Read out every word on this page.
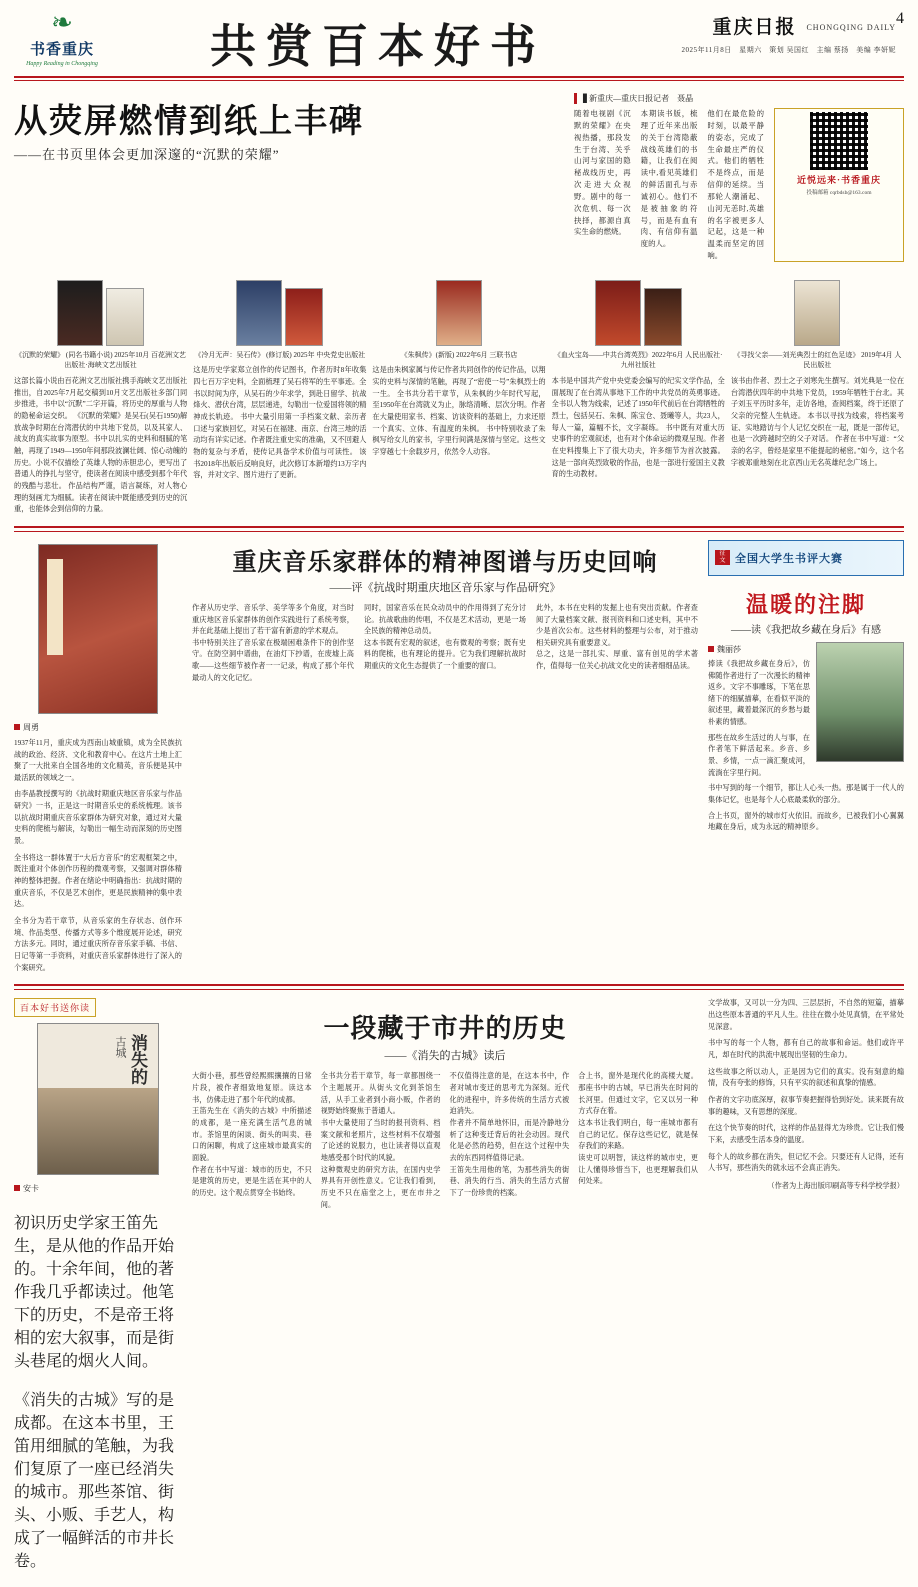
❧
书香重庆
Happy Reading in Chongqing	共赏百本好书	重庆日报 CHONGQING DAILY
2025年11月8日　星期六　策划 吴国红　主编 蔡扬　美编 李妍妮
4
从荧屏燃情到纸上丰碑
——在书页里体会更加深邃的“沉默的荣耀”
▋新重庆—重庆日报记者　聂晶
随着电视剧《沉默的荣耀》在央视热播，那段发生于台湾、关乎山河与家国的隐秘战线历史，再次走进大众视野。剧中的每一次危机、每一次抉择，都源自真实生命的燃烧。
本期读书版，梳理了近年来出版的关于台湾隐蔽战线英雄们的书籍，让我们在阅读中,看见英雄们的鲜活面孔与赤诚初心。他们不是被抽象的符号，而是有血有肉、有信仰有温度的人。
他们在最危险的时刻，以最平静的姿态，完成了生命最庄严的仪式。他们的牺牲不是终点，而是信仰的延续。当那轮人潮涌起、山河无恙时,英雄的名字被更多人记起，这是一种温柔而坚定的回响。
近悦远来·书香重庆
投稿邮箱 cqrbdsb@163.com
《沉默的荣耀》 (同名书籍小说) 2025年10月 百花洲文艺出版社·海峡文艺出版社
这部长篇小说由百花洲文艺出版社携手海峡文艺出版社推出，自2025年7月起交稿到10月文艺出版社多部门同步推进，书中以“沉默”二字开篇，将历史的厚重与人物的隐秘命运交织。 《沉默的荣耀》是吴石(吴石1950)解放战争时期在台湾潜伏的中共地下党员，以及其家人、战友的真实故事为原型。书中以扎实的史料和细腻的笔触，再现了1949—1950年间那段波澜壮阔、惊心动魄的历史。小说不仅描绘了英雄人物的赤胆忠心，更写出了普通人的挣扎与坚守，使读者在阅读中感受到那个年代的残酷与悲壮。 作品结构严谨，语言凝练，对人物心理的刻画尤为细腻。读者在阅读中既能感受到历史的沉重，也能体会到信仰的力量。
《冷月无声：吴石传》 (修订版) 2025年 中央党史出版社
这是历史学家郑立创作的传记图书，作者历时8年收集四七百万字史料，全面梳理了吴石将军的生平事迹。全书以时间为序，从吴石的少年求学，到赴日留学、抗战烽火、潜伏台湾，层层递进，勾勒出一位爱国将领的精神成长轨迹。 书中大量引用第一手档案文献、亲历者口述与家族回忆，对吴石在福建、南京、台湾三地的活动均有详实记述。作者既注重史实的准确，又不回避人物的复杂与矛盾，使传记具备学术价值与可读性。 该书2018年出版后反响良好，此次修订本新增约13万字内容，并对文字、图片进行了更新。
《朱枫传》(新版) 2022年6月 三联书店
这是由朱枫家属与传记作者共同创作的传记作品，以翔实的史料与深情的笔触，再现了“密使一号”朱枫烈士的一生。 全书共分若干章节，从朱枫的少年时代写起，至1950年在台湾就义为止，脉络清晰、层次分明。作者在大量使用家书、档案、访谈资料的基础上，力求还原一个真实、立体、有温度的朱枫。 书中特别收录了朱枫写给女儿的家书，字里行间满是深情与坚定。这些文字穿越七十余载岁月，依然令人动容。
《血火宝岛——中共台湾英烈》2022年6月 人民出版社·九州社版社
本书是中国共产党中央党委会编写的纪实文学作品，全面展现了在台湾从事地下工作的中共党员的英勇事迹。 全书以人物为线索，记述了1950年代前后在台湾牺牲的烈士，包括吴石、朱枫、陈宝仓、聂曦等人，共23人，每人一篇，篇幅不长，文字凝练。 书中既有对重大历史事件的宏观叙述，也有对个体命运的微观呈现。作者在史料搜集上下了很大功夫，许多细节为首次披露。 这是一部向英烈致敬的作品，也是一部进行爱国主义教育的生动教材。
《寻找父亲——刘光典烈士的红色足迹》 2019年4月 人民出版社
该书由作者、烈士之子刘寒先生撰写。刘光典是一位在台湾潜伏四年的中共地下党员，1959年牺牲于台北。其子刘玉平历时多年，走访各地，查阅档案，终于还原了父亲的完整人生轨迹。 本书以寻找为线索，将档案考证、实地踏访与个人记忆交织在一起，既是一部传记，也是一次跨越时空的父子对话。 作者在书中写道：“父亲的名字，曾经是家里不能提起的秘密。”如今，这个名字被郑重地刻在北京西山无名英雄纪念广场上。
周勇

1937年11月，重庆成为西南山城重镇，成为全民族抗战的政治、经济、文化和教育中心。在这片土地上汇聚了一大批来自全国各地的文化精英，音乐便是其中最活跃的领域之一。

由李晶教授撰写的《抗战时期重庆地区音乐家与作品研究》一书，正是这一时期音乐史的系统梳理。该书以抗战时期重庆音乐家群体为研究对象，通过对大量史料的爬梳与解读，勾勒出一幅生动而深刻的历史图景。

全书将这一群体置于“大后方音乐”的宏观框架之中，既注重对个体创作历程的微观考察，又强调对群体精神的整体把握。作者在绪论中明确指出：抗战时期的重庆音乐，不仅是艺术创作，更是民族精神的集中表达。

全书分为若干章节，从音乐家的生存状态、创作环境、作品类型、传播方式等多个维度展开论述，研究方法多元。同时，通过重庆所存音乐家手稿、书信、日记等第一手资料，对重庆音乐家群体进行了深入的个案研究。

重庆音乐家群体的精神图谱与历史回响
——评《抗战时期重庆地区音乐家与作品研究》
作者从历史学、音乐学、美学等多个角度，对当时重庆地区音乐家群体的创作实践进行了系统考察，并在此基础上提出了若干富有新意的学术观点。
书中特别关注了音乐家在极端困难条件下的创作坚守。在防空洞中谱曲，在油灯下抄谱，在废墟上高歌——这些细节被作者一一记录，构成了那个年代最动人的文化记忆。
同时，国家音乐在民众动员中的作用得到了充分讨论。抗战歌曲的传唱，不仅是艺术活动，更是一场全民族的精神总动员。
这本书既有宏观的叙述，也有微观的考察；既有史料的爬梳，也有理论的提升。它为我们理解抗战时期重庆的文化生态提供了一个重要的窗口。
此外，本书在史料的发掘上也有突出贡献。作者查阅了大量档案文献、报刊资料和口述史料，其中不少是首次公布。这些材料的整理与公布，对于推动相关研究具有重要意义。
总之，这是一部扎实、厚重、富有创见的学术著作，值得每一位关心抗战文化史的读者细细品读。
征文 全国大学生书评大赛
温暖的注脚
——读《我把故乡藏在身后》有感
魏丽莎

捧读《我把故乡藏在身后》，仿佛随作者进行了一次漫长的精神返乡。文字不事雕琢，下笔在思绪下的细腻描摹，在看似平淡的叙述里，藏着最深沉的乡愁与最朴素的情感。

那些在故乡生活过的人与事，在作者笔下鲜活起来。乡音、乡景、乡情，一点一滴汇聚成河，流淌在字里行间。

书中写到的每一个细节，都让人心头一热。那是属于一代人的集体记忆，也是每个人心底最柔软的部分。

合上书页，窗外的城市灯火依旧。而故乡，已被我们小心翼翼地藏在身后，成为永远的精神原乡。

百本好书送你读
消失的
古城
安卡

初识历史学家王笛先生，是从他的作品开始的。十余年间，他的著作我几乎都读过。他笔下的历史，不是帝王将相的宏大叙事，而是街头巷尾的烟火人间。

《消失的古城》写的是成都。在这本书里，王笛用细腻的笔触，为我们复原了一座已经消失的城市。那些茶馆、街头、小贩、手艺人，构成了一幅鲜活的市井长卷。

一段藏于市井的历史
——《消失的古城》读后
大街小巷，那些曾经熙熙攘攘的日常片段，被作者细致地复原。读这本书，仿佛走进了那个年代的成都。
王笛先生在《消失的古城》中所描述的成都，是一座充满生活气息的城市。茶馆里的闲谈、街头的叫卖、巷口的闲聊，构成了这座城市最真实的面貌。
作者在书中写道：城市的历史，不只是建筑的历史，更是生活在其中的人的历史。这个观点贯穿全书始终。
全书共分若干章节，每一章都围绕一个主题展开。从街头文化到茶馆生活，从手工业者到小商小贩，作者的视野始终聚焦于普通人。
书中大量使用了当时的报刊资料、档案文献和老照片，这些材料不仅增强了论述的说服力，也让读者得以直观地感受那个时代的风貌。
这种微观史的研究方法，在国内史学界具有开创性意义。它让我们看到，历史不只在庙堂之上，更在市井之间。
不仅值得注意的是，在这本书中，作者对城市变迁的思考尤为深刻。近代化的进程中，许多传统的生活方式被迫消失。
作者并不简单地怀旧，而是冷静地分析了这种变迁背后的社会动因。现代化是必然的趋势，但在这个过程中失去的东西同样值得记录。
王笛先生用他的笔，为那些消失的街巷、消失的行当、消失的生活方式留下了一份珍贵的档案。
合上书，窗外是现代化的高楼大厦。那座书中的古城，早已消失在时间的长河里。但通过文字，它又以另一种方式存在着。
这本书让我们明白，每一座城市都有自己的记忆。保存这些记忆，就是保存我们的来路。
读史可以明智，读这样的城市史，更让人懂得珍惜当下，也更理解我们从何处来。

文学故事，又可以一分为四、三层层折，不自然的短篇，描摹出这些原本普通的平凡人生。往往在微小处见真情，在平常处见深意。

书中写的每一个人物，都有自己的故事和命运。他们或许平凡，却在时代的洪流中展现出坚韧的生命力。

这些故事之所以动人，正是因为它们的真实。没有刻意的煽情，没有夸张的修饰，只有平实的叙述和真挚的情感。

作者的文字功底深厚，叙事节奏把握得恰到好处。读来既有故事的趣味，又有思想的深度。

在这个快节奏的时代，这样的作品显得尤为珍贵。它让我们慢下来，去感受生活本身的温度。

每个人的故乡都在消失，但记忆不会。只要还有人记得，还有人书写，那些消失的就永远不会真正消失。

（作者为上海出版印刷高等专科学校学报）
